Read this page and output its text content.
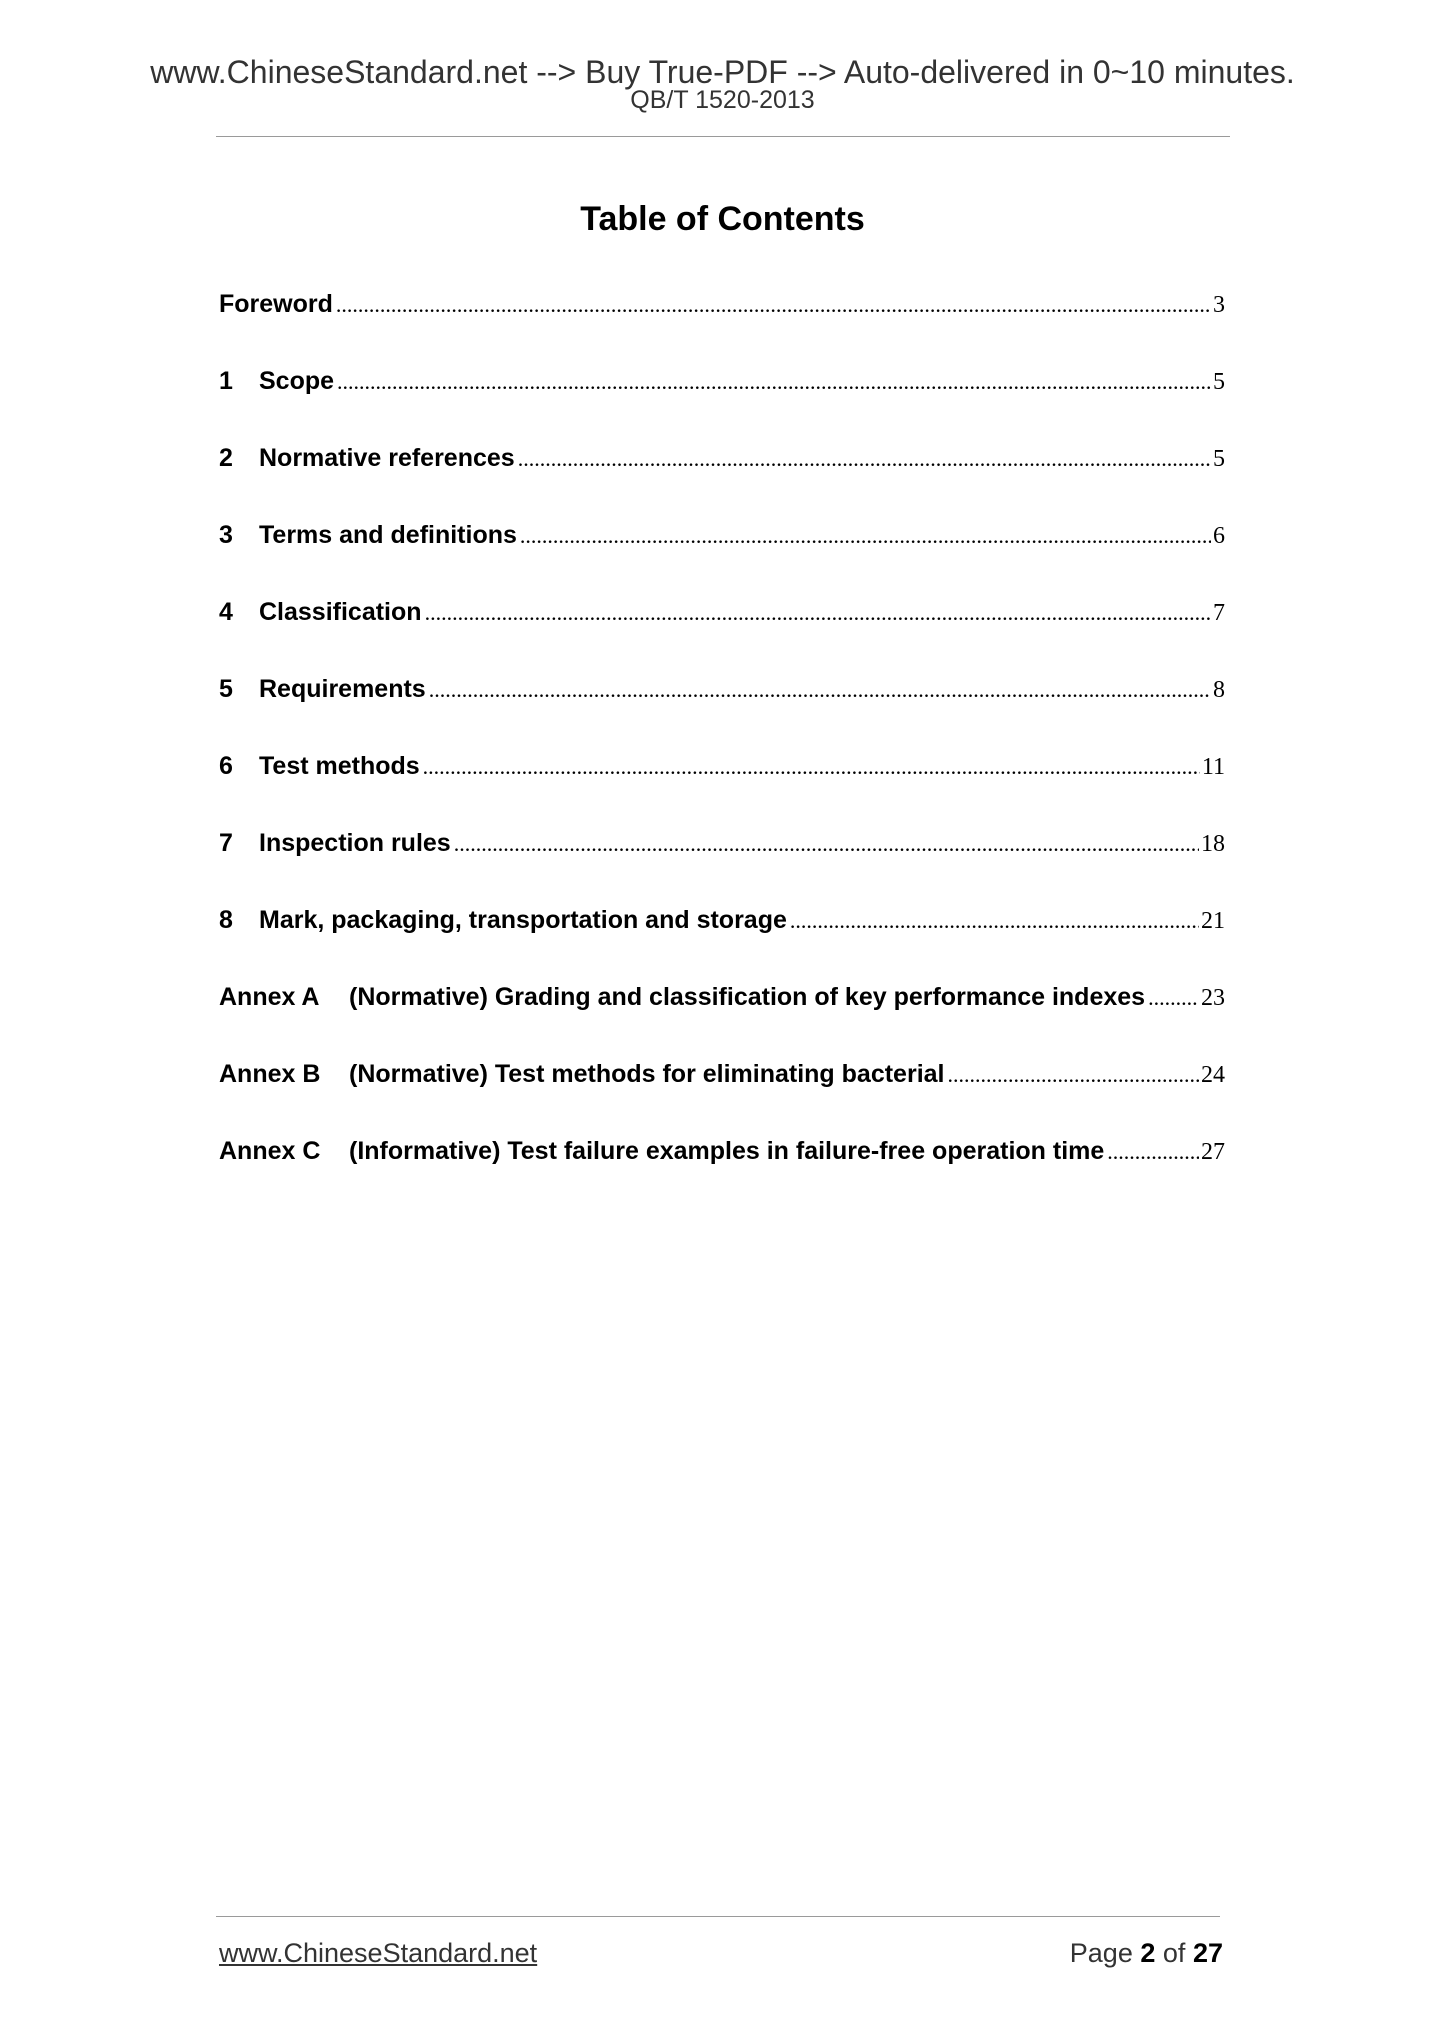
www.ChineseStandard.net --> Buy True-PDF --> Auto-delivered in 0~10 minutes.
QB/T 1520-2013
Table of Contents
Foreword .....	3
1	Scope .....	5
2	Normative references .....	5
3	Terms and definitions .....	6
4	Classification .....	7
5	Requirements .....	8
6	Test methods .....	11
7	Inspection rules .....	18
8	Mark, packaging, transportation and storage .....	21
Annex A	(Normative) Grading and classification of key performance indexes ..... 23
Annex B	(Normative) Test methods for eliminating bacterial .....	24
Annex C	(Informative) Test failure examples in failure-free operation time .....	27
www.ChineseStandard.net	Page 2 of 27
